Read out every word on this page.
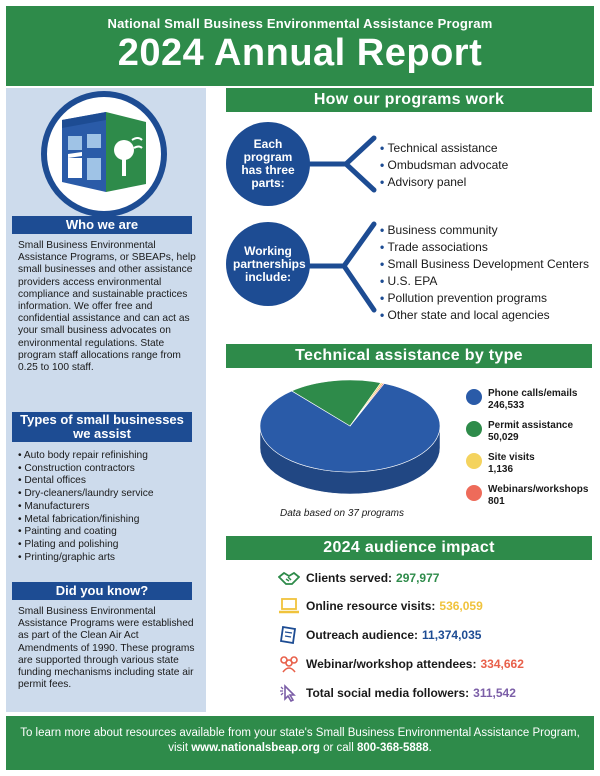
National Small Business Environmental Assistance Program
2024 Annual Report
Who we are
Small Business Environmental Assistance Programs, or SBEAPs, help small businesses and other assistance providers access environmental compliance and sustainable practices information. We offer free and confidential assistance and can act as your small business advocates on environmental regulations. State program staff allocations range from 0.25 to 100 staff.
Types of small businesses we assist
• Auto body repair refinishing
• Construction contractors
• Dental offices
• Dry-cleaners/laundry service
• Manufacturers
• Metal fabrication/finishing
• Painting and coating
• Plating and polishing
• Printing/graphic arts
Did you know?
Small Business Environmental Assistance Programs were established as part of the Clean Air Act Amendments of 1990. These programs are supported through various state funding mechanisms including state air permit fees.
How our programs work
Each program has three parts:
• Technical assistance
• Ombudsman advocate
• Advisory panel
Working partnerships include:
• Business community
• Trade associations
• Small Business Development Centers
• U.S. EPA
• Pollution prevention programs
• Other state and local agencies
Technical assistance by type
Data based on 37 programs
Phone calls/emails
246,533
Permit assistance
50,029
Site visits
1,136
Webinars/workshops
801
2024 audience impact
Clients served: 297,977
Online resource visits: 536,059
Outreach audience: 11,374,035
Webinar/workshop attendees: 334,662
Total social media followers: 311,542
To learn more about resources available from your state's Small Business Environmental Assistance Program,
visit www.nationalsbeap.org or call 800-368-5888.
